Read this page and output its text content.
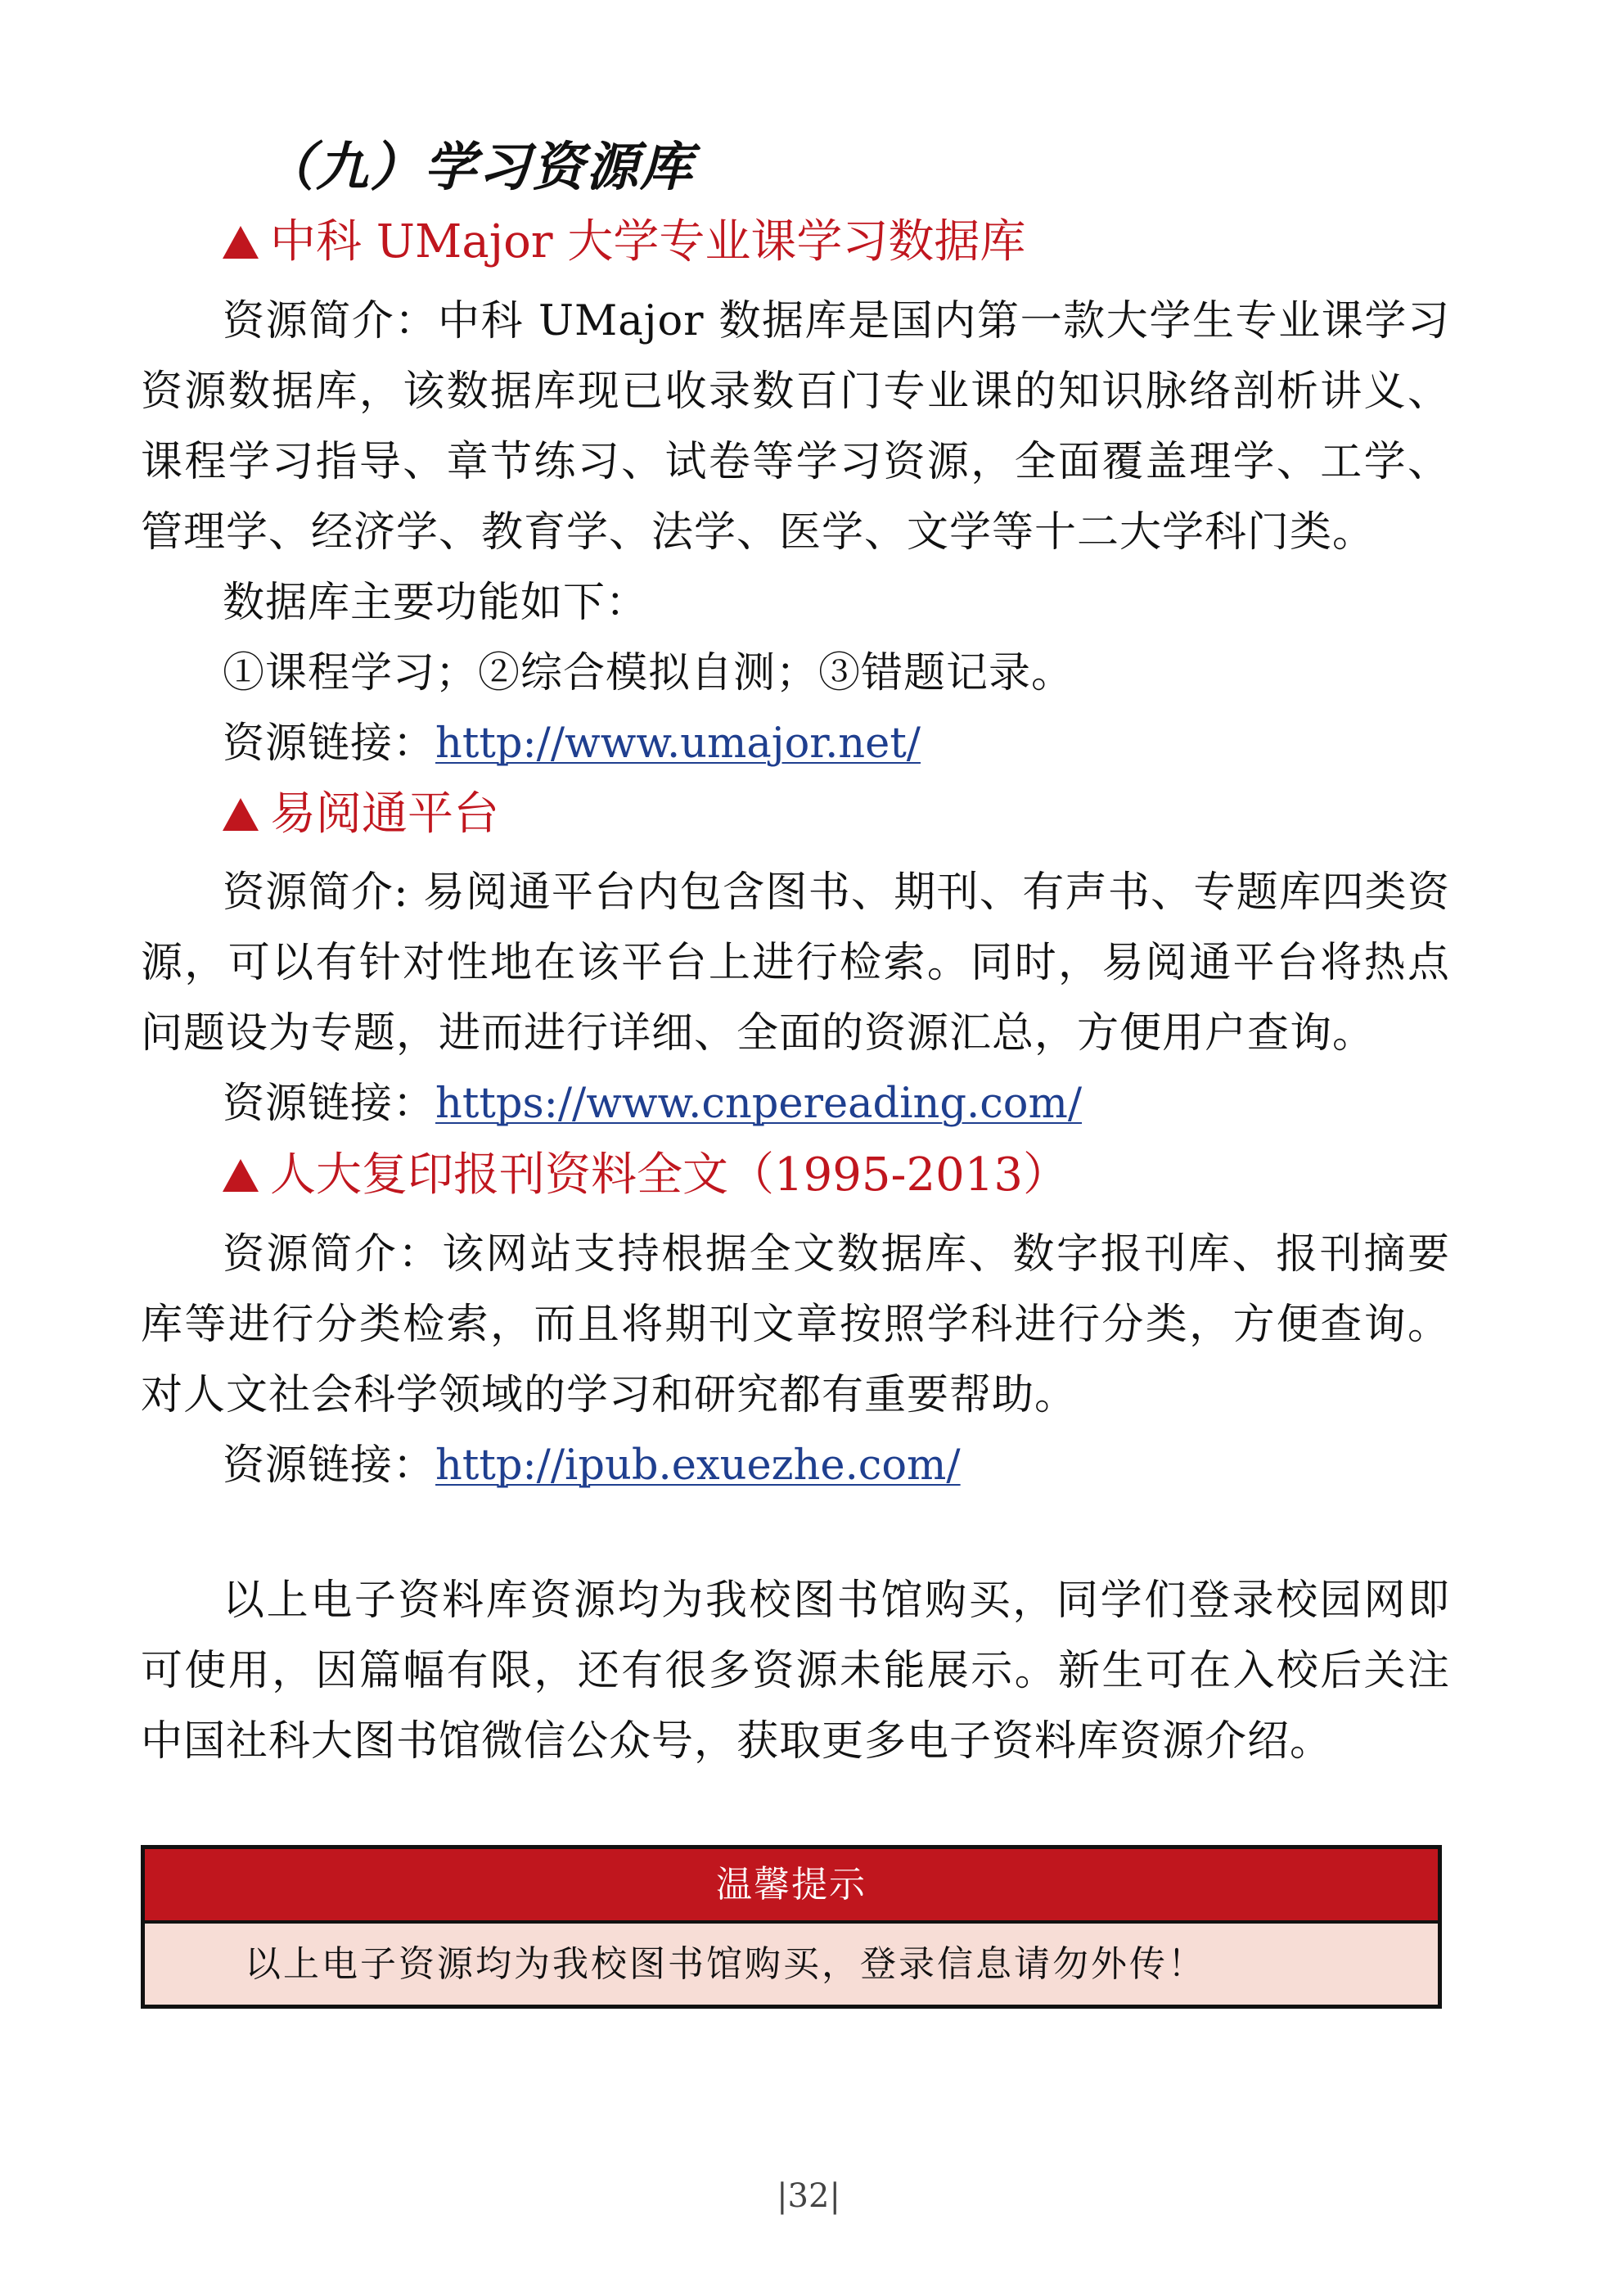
（九）学习资源库
中科 UMajor 大学专业课学习数据库
资源简介：中科 UMajor 数据库是国内第一款大学生专业课学习资源数据库，该数据库现已收录数百门专业课的知识脉络剖析讲义、课程学习指导、章节练习、试卷等学习资源，全面覆盖理学、工学、管理学、经济学、教育学、法学、医学、文学等十二大学科门类。
数据库主要功能如下：
①课程学习；②综合模拟自测；③错题记录。
资源链接：http://www.umajor.net/
易阅通平台
资源简介: 易阅通平台内包含图书、期刊、有声书、专题库四类资源，可以有针对性地在该平台上进行检索。同时，易阅通平台将热点问题设为专题，进而进行详细、全面的资源汇总，方便用户查询。
资源链接：https://www.cnpereading.com/
人大复印报刊资料全文（1995-2013）
资源简介：该网站支持根据全文数据库、数字报刊库、报刊摘要库等进行分类检索，而且将期刊文章按照学科进行分类，方便查询。对人文社会科学领域的学习和研究都有重要帮助。
资源链接：http://ipub.exuezhe.com/
以上电子资料库资源均为我校图书馆购买，同学们登录校园网即可使用，因篇幅有限，还有很多资源未能展示。新生可在入校后关注中国社科大图书馆微信公众号，获取更多电子资料库资源介绍。
温馨提示
以上电子资源均为我校图书馆购买，登录信息请勿外传！
|32|
